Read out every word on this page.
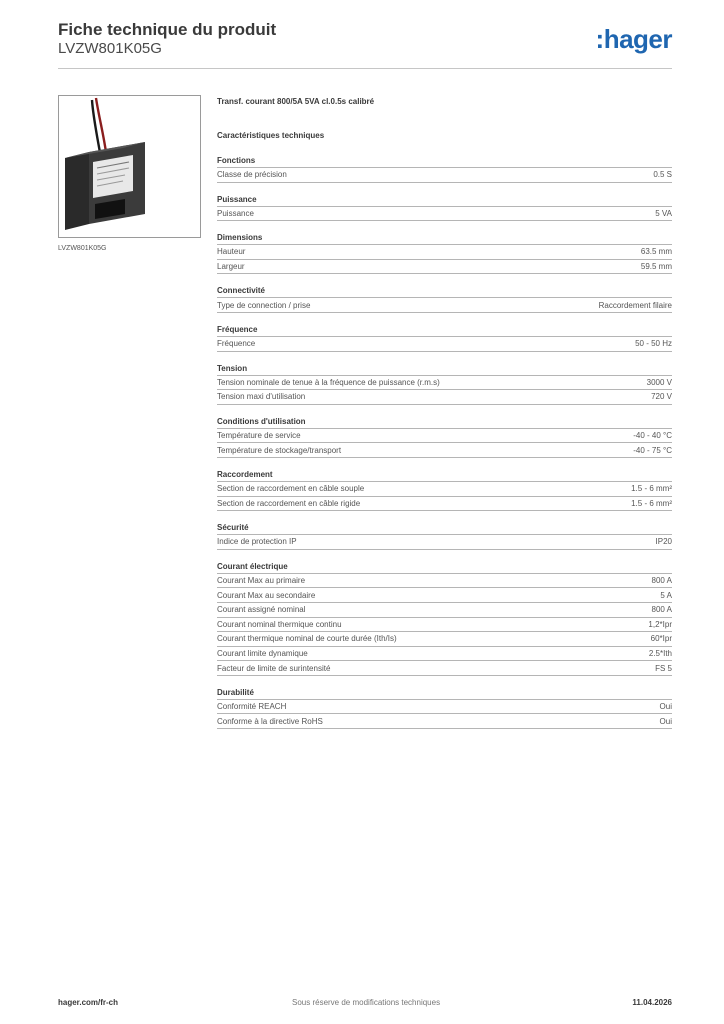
Fiche technique du produit
LVZW801K05G	:hager
LVZW801K05G
Transf. courant 800/5A 5VA cl.0.5s calibré
Caractéristiques techniques
Fonctions
Classe de précision	0.5 S
Puissance
Puissance	5 VA
Dimensions
Hauteur	63.5 mm
Largeur	59.5 mm
Connectivité
Type de connection / prise	Raccordement filaire
Fréquence
Fréquence	50 - 50 Hz
Tension
Tension nominale de tenue à la fréquence de puissance (r.m.s)	3000 V
Tension maxi d'utilisation	720 V
Conditions d'utilisation
Température de service	-40 - 40 °C
Température de stockage/transport	-40 - 75 °C
Raccordement
Section de raccordement en câble souple	1.5 - 6 mm²
Section de raccordement en câble rigide	1.5 - 6 mm²
Sécurité
Indice de protection IP	IP20
Courant électrique
Courant Max au primaire	800 A
Courant Max au secondaire	5 A
Courant assigné nominal	800 A
Courant nominal thermique continu	1,2*Ipr
Courant thermique nominal de courte durée (Ith/Is)	60*Ipr
Courant limite dynamique	2.5*Ith
Facteur de limite de surintensité	FS 5
Durabilité
Conformité REACH	Oui
Conforme à la directive RoHS	Oui
hager.com/fr-ch	Sous réserve de modifications techniques	11.04.2026
